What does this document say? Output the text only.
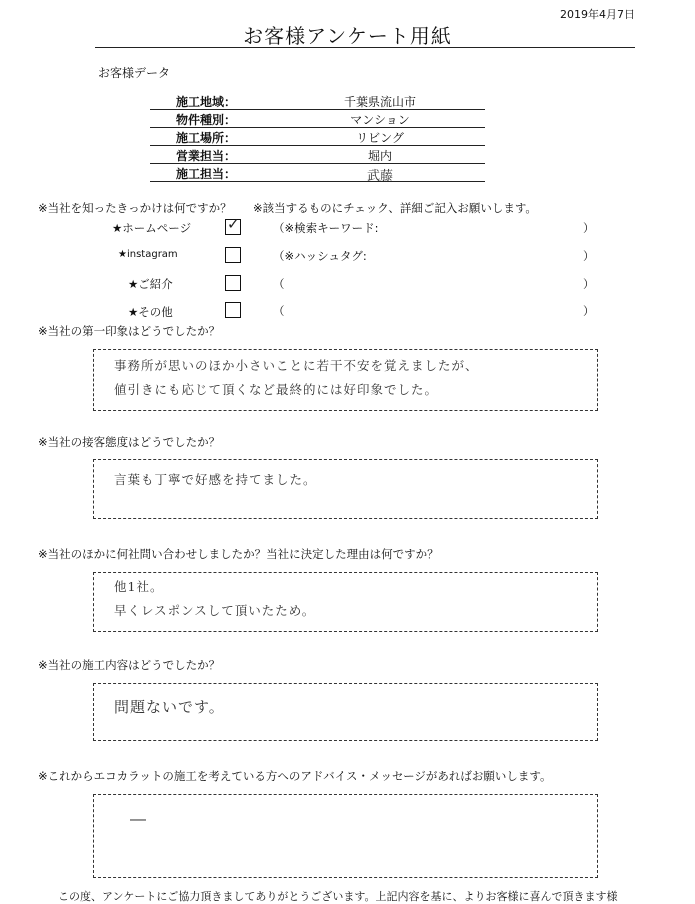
2019年4月7日
お客様アンケート用紙
お客様データ
施工地域：	千葉県流山市
物件種別：	マンション
施工場所：	リビング
営業担当：	堀内
施工担当：	武藤
※当社を知ったきっかけは何ですか？ ※該当するものにチェック、詳細ご記入お願いします。
★ホームページ ✓	（※検索キーワード:	）
★instagram	（※ハッシュタグ:	）
★ご紹介	（	）
★その他	（	）
※当社の第一印象はどうでしたか？
事務所が思いのほか小さいことに若干不安を覚えましたが、
値引きにも応じて頂くなど最終的には好印象でした。
※当社の接客態度はどうでしたか？
言葉も丁寧で好感を持てました。
※当社のほかに何社問い合わせしましたか？当社に決定した理由は何ですか？
他1社。
早くレスポンスして頂いたため。
※当社の施工内容はどうでしたか？
問題ないです。
※これからエコカラットの施工を考えている方へのアドバイス・メッセージがあればお願いします。
―
この度、アンケートにご協力頂きましてありがとうございます。上記内容を基に、よりお客様に喜んで頂きます様
